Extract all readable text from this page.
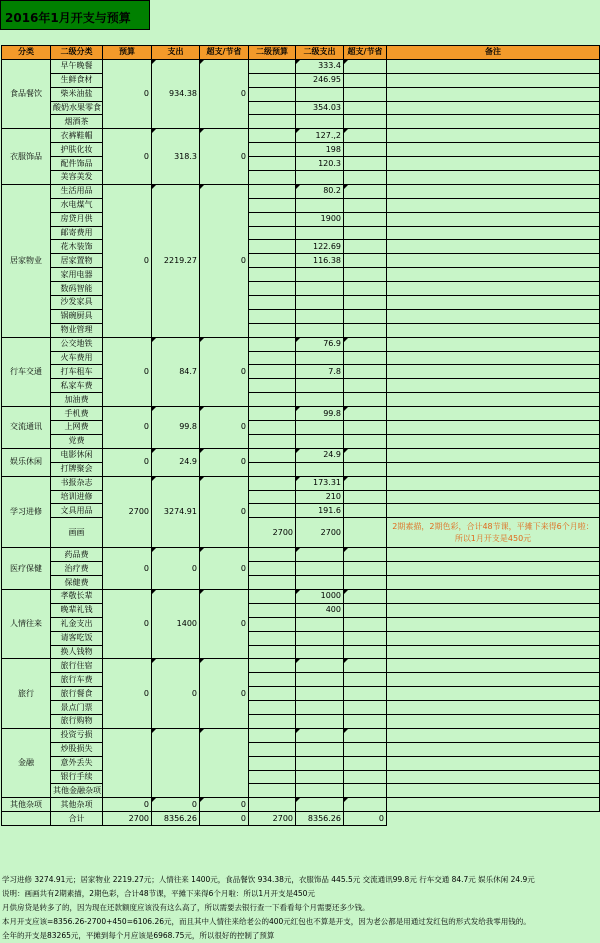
2016年1月开支与预算
分类	二级分类	预算	支出	超支/节省	二级预算	二级支出	超支/节省	备注
食品餐饮	早午晚餐	0	934.38	0		333.4		
	生鲜食材					246.95		
	柴米油盐							
	酸奶水果零食					354.03		
	烟酒茶							
衣服饰品	衣裤鞋帽	0	318.3	0		127.,2		
	护肤化妆					198		
	配件饰品					120.3		
	美容美发							
居家物业	生活用品	0	2219.27	0		80.2		
	水电煤气							
	房贷月供					1900		
	邮寄费用							
	花木装饰					122.69		
	居家置物					116.38		
	家用电器							
	数码智能							
	沙发家具							
	锅碗厨具							
	物业管理							
行车交通	公交地铁	0	84.7	0		76.9		
	火车费用							
	打车租车					7.8		
	私家车费							
	加油费							
交流通讯	手机费	0	99.8	0		99.8		
	上网费							
	党费							
娱乐休闲	电影休闲	0	24.9	0		24.9		
	打牌聚会							
学习进修	书报杂志	2700	3274.91	0		173.31		
	培训进修					210		
	文具用品					191.6		
	画画				2700	2700		2期素描，2期色彩，合计48节课，平摊下来得6个月啦：所以1月开支是450元
医疗保健	药品费	0	0	0				
	治疗费							
	保健费							
人情往来	孝敬长辈	0	1400	0		1000		
	晚辈礼钱					400		
	礼金支出							
	请客吃饭							
	换人钱物							
旅行	旅行住宿	0	0	0				
	旅行车费							
	旅行餐食							
	景点门票							
	旅行购物							
金融	投资亏损							
	炒股损失							
	意外丢失							
	银行手续							
	其他金融杂项							
其他杂项	其他杂项	0	0	0				
	合计	2700	8356.26	0	2700	8356.26	0	
学习进修 3274.91元；居家物业 2219.27元；人情往来 1400元，食品餐饮 934.38元，衣服饰品 445.5元 交流通讯99.8元 行车交通 84.7元 娱乐休闲 24.9元
说明：画画共有2期素描，2期色彩，合计48节课，平摊下来得6个月啦：所以1月开支是450元
月供房贷是转多了的，因为现在还款额度应该没有这么高了，所以需要去银行查一下看看每个月需要还多少钱。
本月开支应该=8356.26-2700+450=6106.26元，而且其中人情往来给老公的400元红包也不算是开支，因为老公都是用通过发红包的形式发给我零用钱的。
全年的开支是83265元，平摊到每个月应该是6968.75元，所以很好的控制了预算
